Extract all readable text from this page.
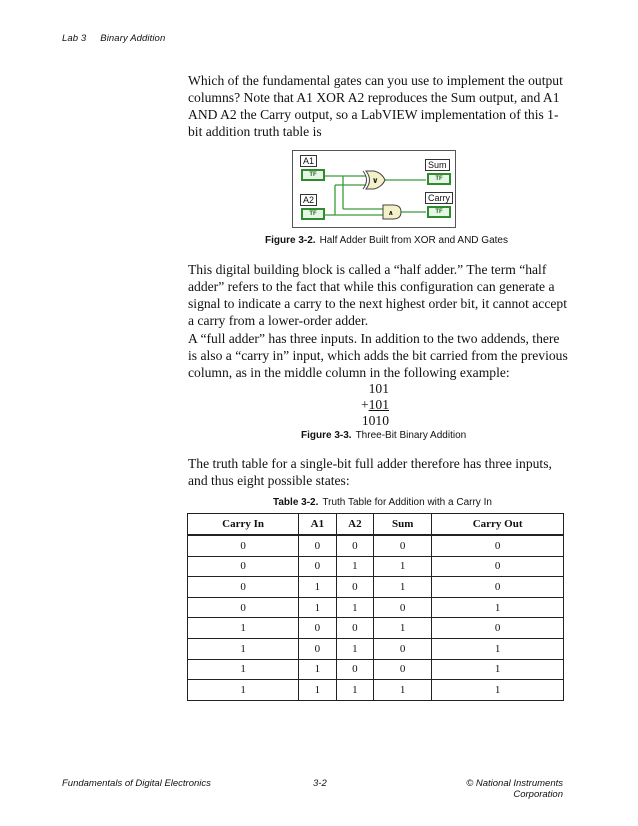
Lab 3 Binary Addition

Which of the fundamental gates can you use to implement the output columns? Note that A1 XOR A2 reproduces the Sum output, and A1 AND A2 the Carry output, so a LabVIEW implementation of this 1-bit addition truth table is

∨
∧
A1
TF
A2
TF
Sum
TF
Carry
TF
Figure 3-2. Half Adder Built from XOR and AND Gates

This digital building block is called a “half adder.” The term “half adder” refers to the fact that while this configuration can generate a signal to indicate a carry to the next highest order bit, it cannot accept a carry from a lower-order adder.

A “full adder” has three inputs. In addition to the two addends, there is also a “carry in” input, which adds the bit carried from the previous column, as in the middle column in the following example:

101
+101
1010
Figure 3-3. Three-Bit Binary Addition

The truth table for a single-bit full adder therefore has three inputs, and thus eight possible states:

Table 3-2. Truth Table for Addition with a Carry In
Carry In	A1	A2	Sum	Carry Out
0	0	0	0	0
0	0	1	1	0
0	1	0	1	0
0	1	1	0	1
1	0	0	1	0
1	0	1	0	1
1	1	0	0	1
1	1	1	1	1
Fundamentals of Digital Electronics	3-2	© National Instruments Corporation
